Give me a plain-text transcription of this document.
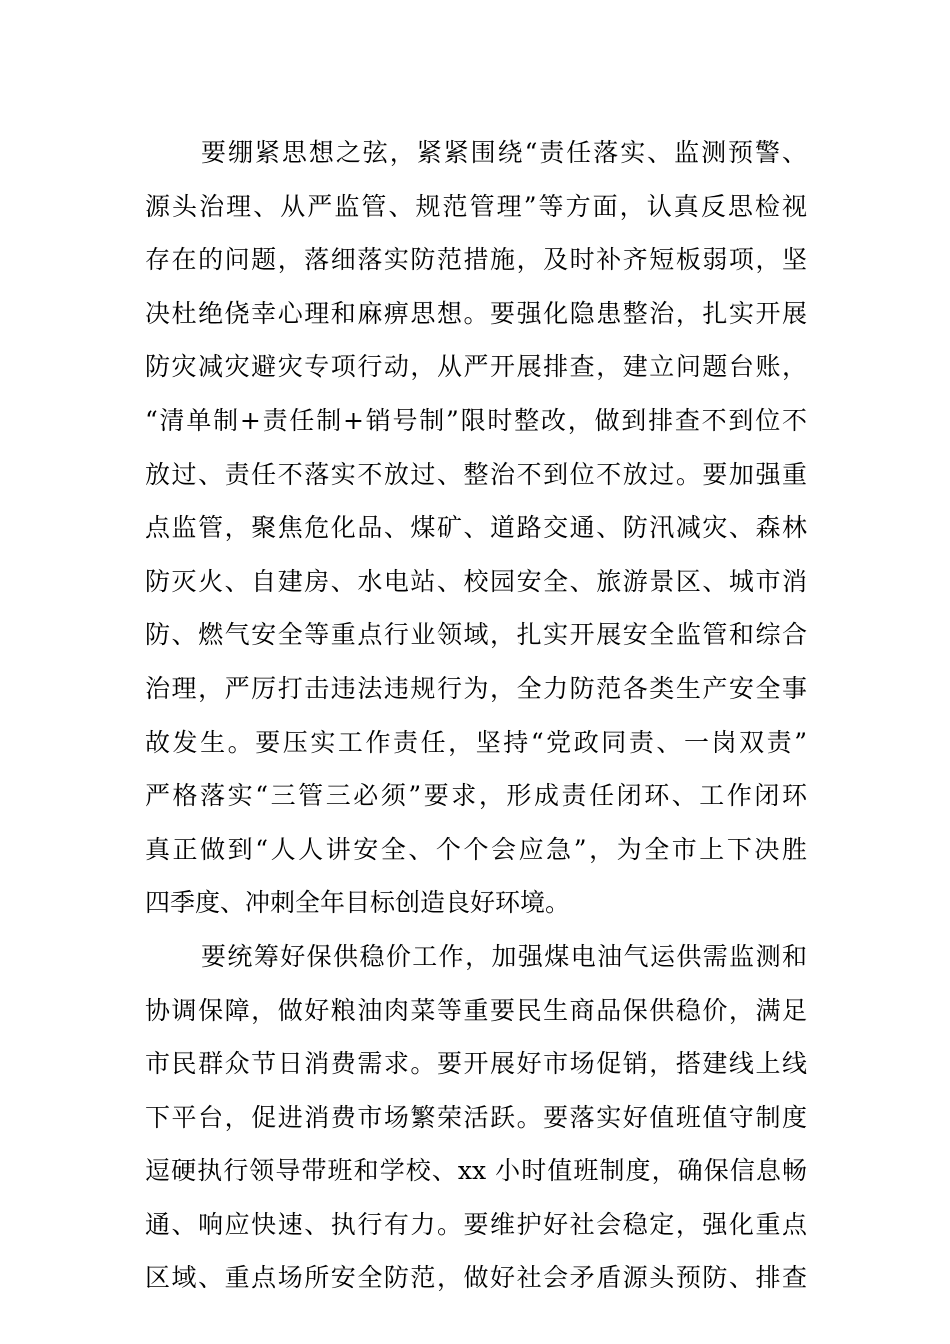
要绷紧思想之弦，紧紧围绕“责任落实、监测预警、
源头治理、从严监管、规范管理”等方面，认真反思检视
存在的问题，落细落实防范措施，及时补齐短板弱项，坚
决杜绝侥幸心理和麻痹思想。要强化隐患整治，扎实开展
防灾减灾避灾专项行动，从严开展排查，建立问题台账，
“清单制+责任制+销号制”限时整改，做到排查不到位不
放过、责任不落实不放过、整治不到位不放过。要加强重
点监管，聚焦危化品、煤矿、道路交通、防汛减灾、森林
防灭火、自建房、水电站、校园安全、旅游景区、城市消
防、燃气安全等重点行业领域，扎实开展安全监管和综合
治理，严厉打击违法违规行为，全力防范各类生产安全事
故发生。要压实工作责任，坚持“党政同责、一岗双责”
严格落实“三管三必须”要求，形成责任闭环、工作闭环
真正做到“人人讲安全、个个会应急”，为全市上下决胜
四季度、冲刺全年目标创造良好环境。
要统筹好保供稳价工作，加强煤电油气运供需监测和
协调保障，做好粮油肉菜等重要民生商品保供稳价，满足
市民群众节日消费需求。要开展好市场促销，搭建线上线
下平台，促进消费市场繁荣活跃。要落实好值班值守制度
逗硬执行领导带班和学校、xx 小时值班制度，确保信息畅
通、响应快速、执行有力。要维护好社会稳定，强化重点
区域、重点场所安全防范，做好社会矛盾源头预防、排查
